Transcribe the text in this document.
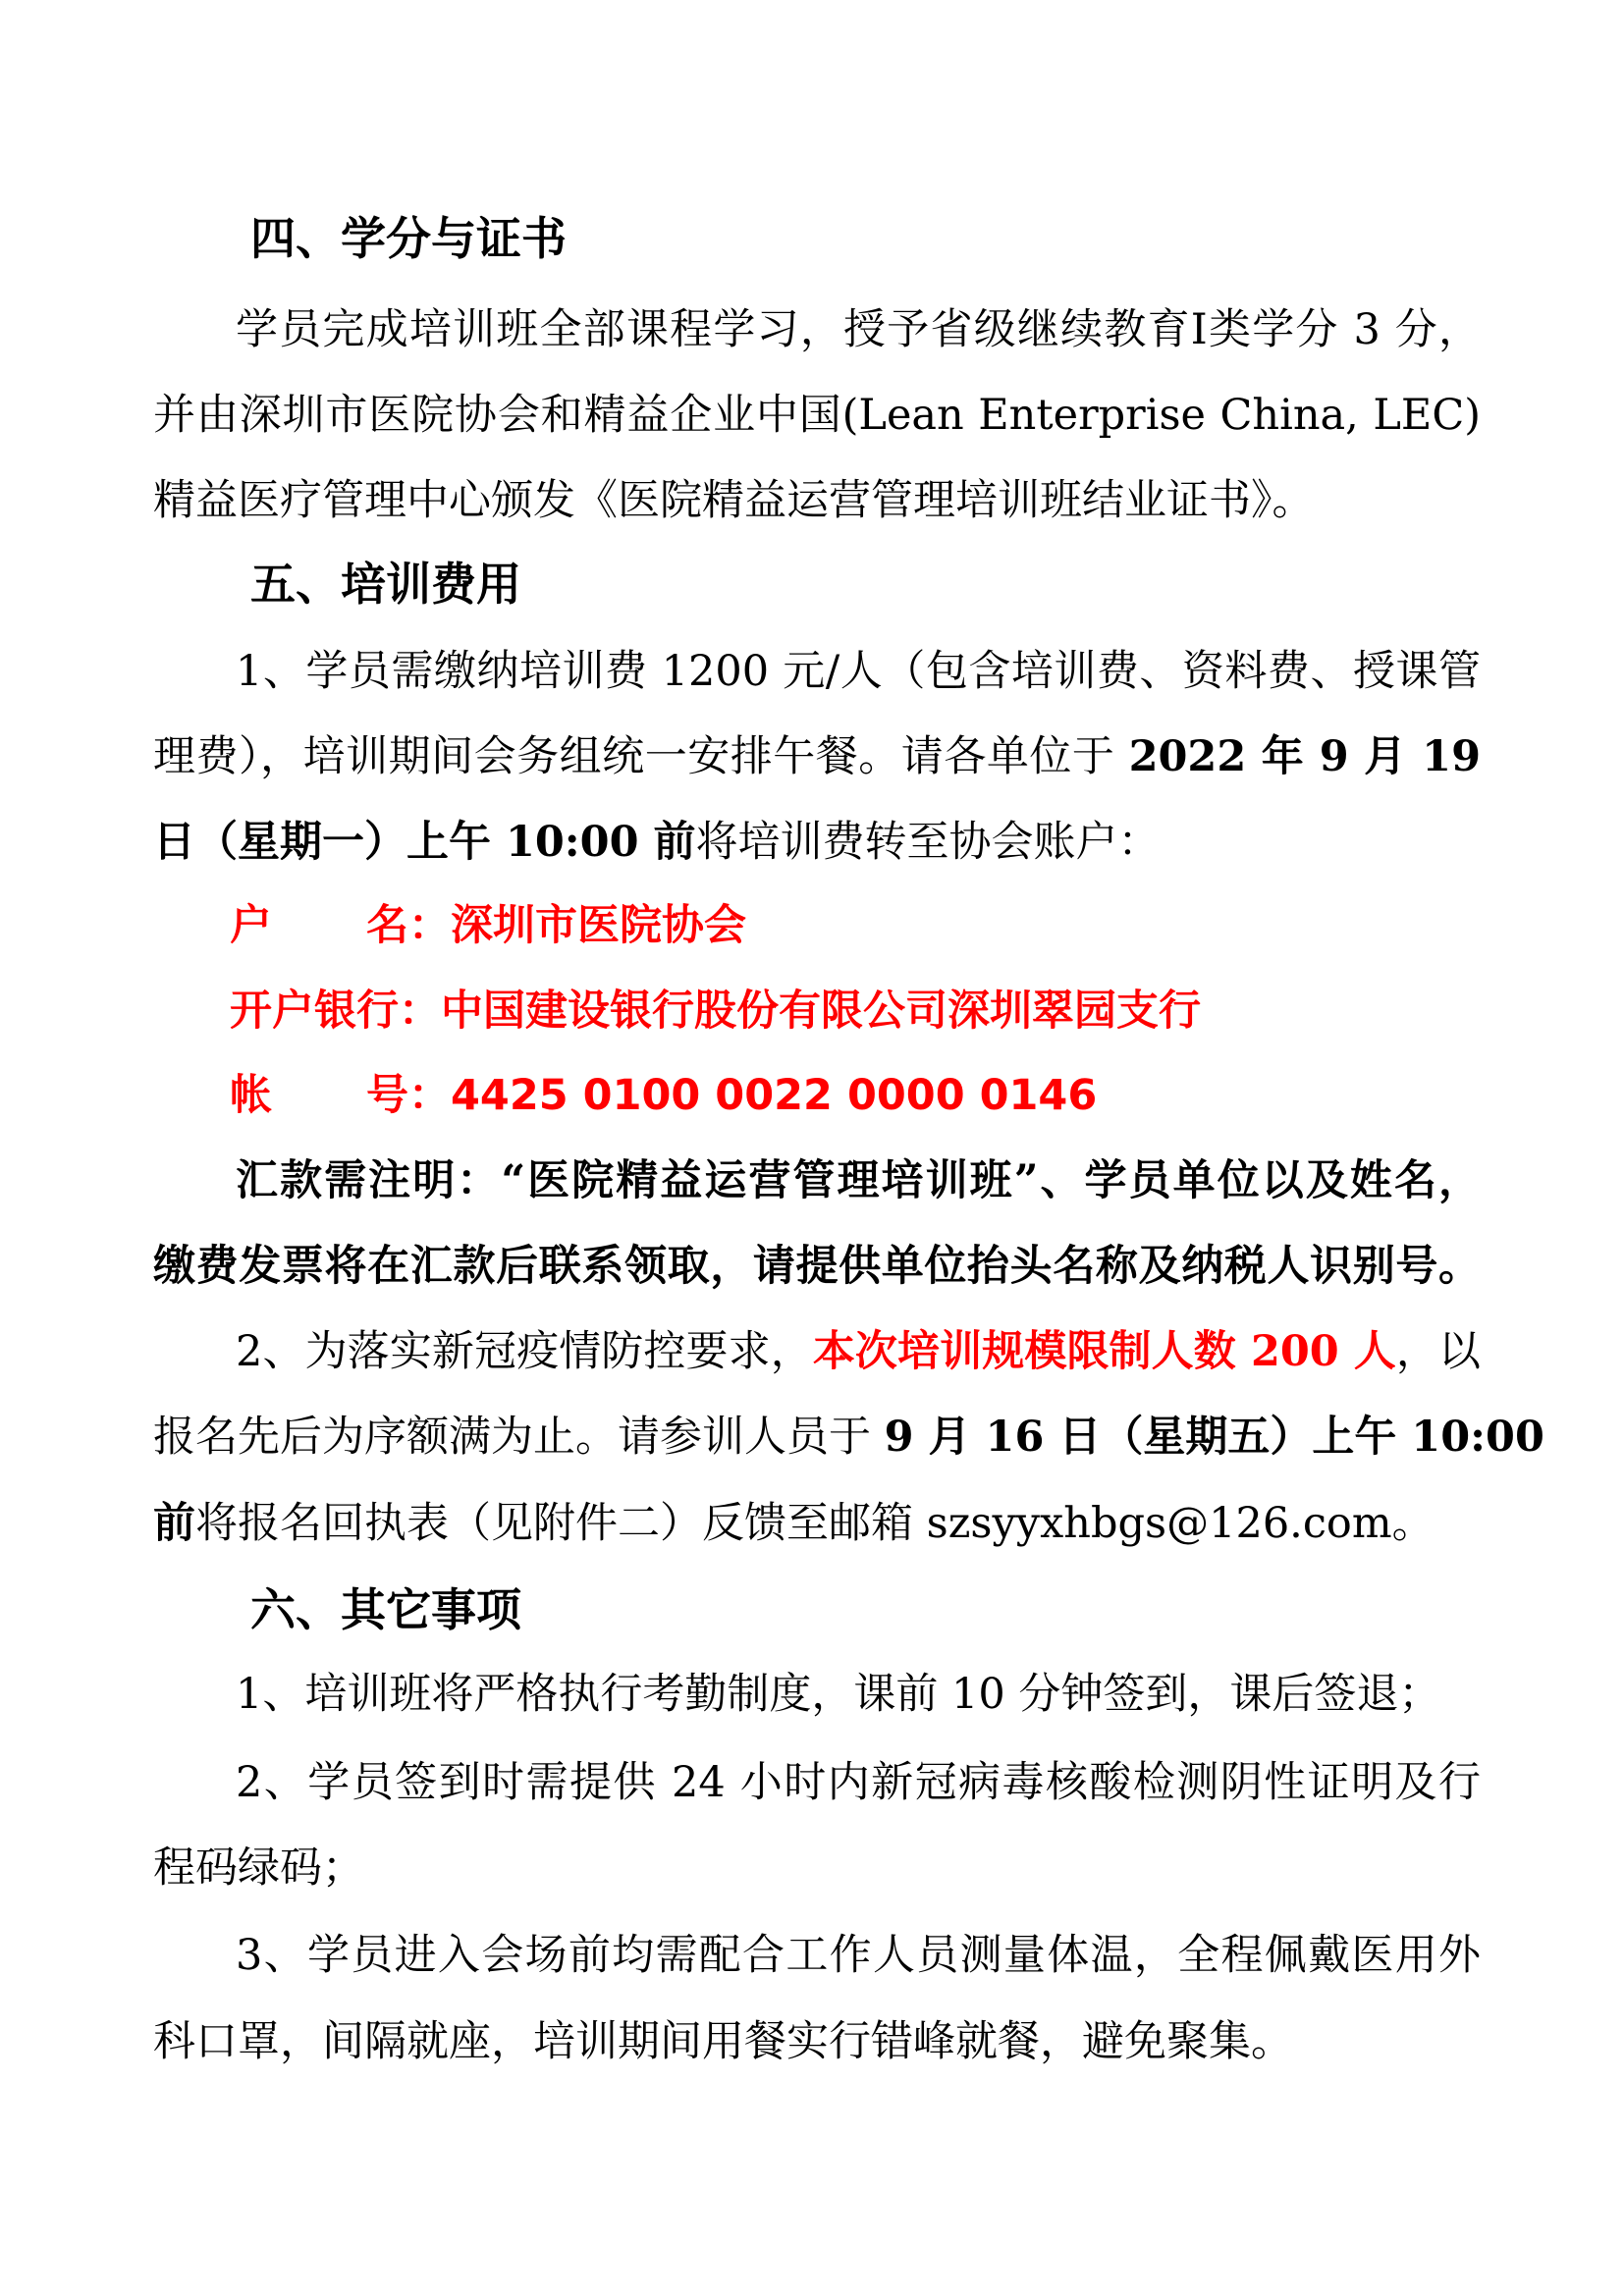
四、学分与证书
学员完成培训班全部课程学习，授予省级继续教育Ⅰ类学分 3 分，
并由深圳市医院协会和精益企业中国(Lean Enterprise China, LEC)
精益医疗管理中心颁发《医院精益运营管理培训班结业证书》。
五、培训费用
1、学员需缴纳培训费 1200 元/人（包含培训费、资料费、授课管
理费），培训期间会务组统一安排午餐。请各单位于 2022 年 9 月 19
日（星期一）上午 10:00 前将培训费转至协会账户：
户 名：深圳市医院协会
开户银行：中国建设银行股份有限公司深圳翠园支行
帐 号：4425 0100 0022 0000 0146
汇款需注明：“医院精益运营管理培训班”、学员单位以及姓名，
缴费发票将在汇款后联系领取，请提供单位抬头名称及纳税人识别号。
2、为落实新冠疫情防控要求，本次培训规模限制人数 200 人，以
报名先后为序额满为止。请参训人员于 9 月 16 日（星期五）上午 10:00
前将报名回执表（见附件二）反馈至邮箱 szsyyxhbgs@126.com。
六、其它事项
1、培训班将严格执行考勤制度，课前 10 分钟签到，课后签退；
2、学员签到时需提供 24 小时内新冠病毒核酸检测阴性证明及行
程码绿码；
3、学员进入会场前均需配合工作人员测量体温，全程佩戴医用外
科口罩，间隔就座，培训期间用餐实行错峰就餐，避免聚集。
